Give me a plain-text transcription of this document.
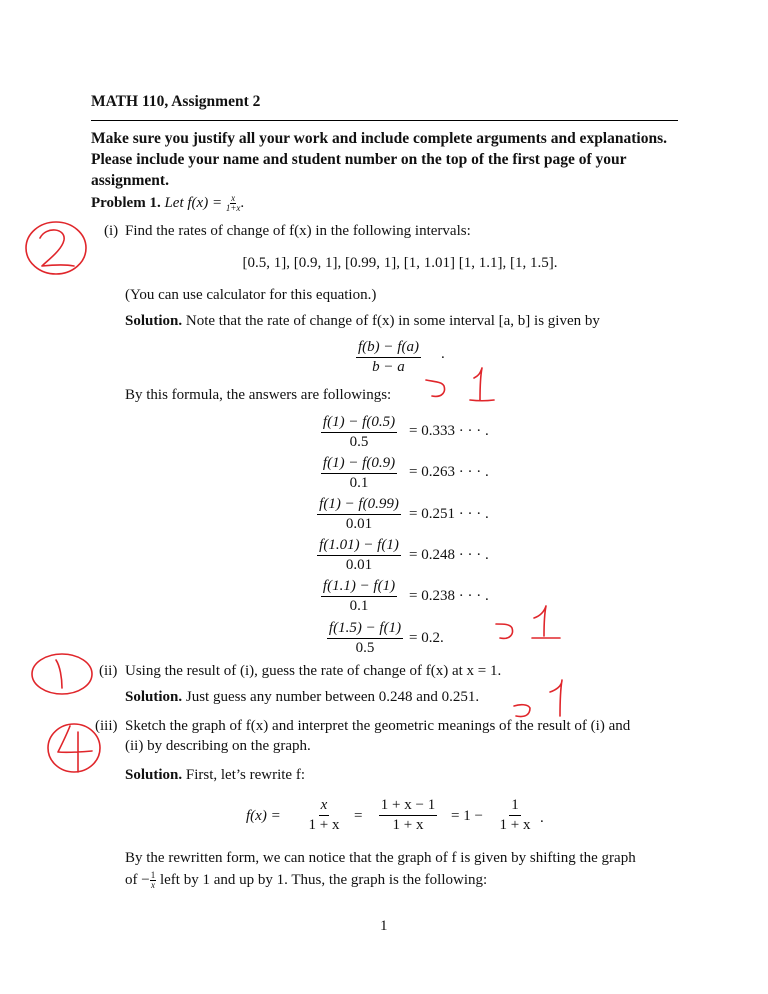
MATH 110, Assignment 2
Make sure you justify all your work and include complete arguments and explanations. Please include your name and student number on the top of the first page of your assignment.
Problem 1. Let $f(x) = \frac{x}{1+x}$ .
(i) Find the rates of change of f(x) in the following intervals:
[0.5, 1], [0.9, 1], [0.99, 1], [1, 1.01] [1, 1.1], [1, 1.5].
(You can use calculator for this equation.)
Solution. Note that the rate of change of f(x) in some interval [a, b] is given by
$\frac{f(b) - f(a)}{b - a}$ .
By this formula, the answers are followings:
$\frac{f(1) - f(0.5)}{0.5} = 0.333$ · · · .
$\frac{f(1) - f(0.9)}{0.1} = 0.263$ · · · .
$\frac{f(1) - f(0.99)}{0.01} = 0.251$ · · · .
$\frac{f(1.01) - f(1)}{0.01} = 0.248$ · · · .
$\frac{f(1.1) - f(1)}{0.1} = 0.238$ · · · .
$\frac{f(1.5) - f(1)}{0.5} = 0.2$.
(ii) Using the result of (i), guess the rate of change of f(x) at x = 1.
Solution. Just guess any number between 0.248 and 0.251.
(iii) Sketch the graph of f(x) and interpret the geometric meanings of the result of (i) and
(ii) by describing on the graph.
Solution. First, let’s rewrite f:
$f(x) = \frac{x}{1 + x} = \frac{1 + x - 1}{1 + x} = 1 - \frac{1}{1 + x}$ .
By the rewritten form, we can notice that the graph of f is given by shifting the graph
of − $\frac{1}{x}$ left by 1 and up by 1. Thus, the graph is the following:
1
